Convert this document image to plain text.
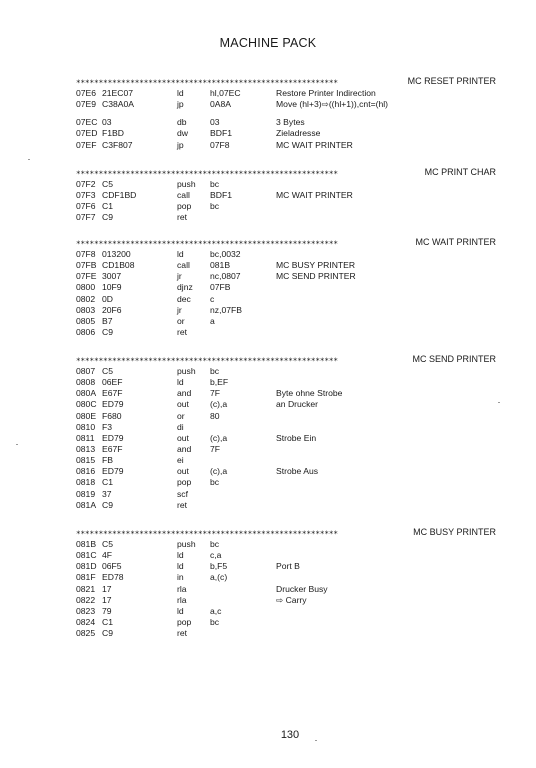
MACHINE PACK
∗∗∗∗∗∗∗∗∗∗∗∗∗∗∗∗∗∗∗∗∗∗∗∗∗∗∗∗∗∗∗∗∗∗∗∗∗∗∗∗∗∗∗∗∗∗∗∗∗∗∗∗∗∗∗∗∗∗	MC RESET PRINTER
07E6 21EC07	ld	hl,07EC	Restore Printer Indirection
07E9 C38A0A	jp	0A8A	Move (hl+3)⇨((hl+1)),cnt=(hl)
07EC 03	db	03	3 Bytes
07ED F1BD	dw	BDF1	Zieladresse
07EF C3F807	jp	07F8	MC WAIT PRINTER
∗∗∗∗∗∗∗∗∗∗∗∗∗∗∗∗∗∗∗∗∗∗∗∗∗∗∗∗∗∗∗∗∗∗∗∗∗∗∗∗∗∗∗∗∗∗∗∗∗∗∗∗∗∗∗∗∗∗	MC PRINT CHAR
07F2 C5	push bc
07F3 CDF1BD	call BDF1	MC WAIT PRINTER
07F6 C1	pop bc
07F7 C9	ret
∗∗∗∗∗∗∗∗∗∗∗∗∗∗∗∗∗∗∗∗∗∗∗∗∗∗∗∗∗∗∗∗∗∗∗∗∗∗∗∗∗∗∗∗∗∗∗∗∗∗∗∗∗∗∗∗∗∗	MC WAIT PRINTER
07F8 013200	ld	bc,0032
07FB CD1B08	call 081B	MC BUSY PRINTER
07FE 3007	jr	nc,0807	MC SEND PRINTER
0800 10F9	djnz 07FB
0802 0D	dec c
0803 20F6	jr	nz,07FB
0805 B7	or	a
0806 C9	ret
∗∗∗∗∗∗∗∗∗∗∗∗∗∗∗∗∗∗∗∗∗∗∗∗∗∗∗∗∗∗∗∗∗∗∗∗∗∗∗∗∗∗∗∗∗∗∗∗∗∗∗∗∗∗∗∗∗∗	MC SEND PRINTER
0807 C5	push bc
0808 06EF	ld	b,EF
080A E67F	and 7F	Byte ohne Strobe
080C ED79	out (c),a	an Drucker
080E F680	or	80
0810 F3	di
0811 ED79	out (c),a	Strobe Ein
0813 E67F	and 7F
0815 FB	ei
0816 ED79	out (c),a	Strobe Aus
0818 C1	pop bc
0819 37	scf
081A C9	ret
∗∗∗∗∗∗∗∗∗∗∗∗∗∗∗∗∗∗∗∗∗∗∗∗∗∗∗∗∗∗∗∗∗∗∗∗∗∗∗∗∗∗∗∗∗∗∗∗∗∗∗∗∗∗∗∗∗∗	MC BUSY PRINTER
081B C5	push bc
081C 4F	ld	c,a
081D 06F5	ld	b,F5	Port B
081F ED78	in	a,(c)
0821 17	rla	Drucker Busy
0822 17	rla	⇨ Carry
0823 79	ld	a,c
0824 C1	pop bc
0825 C9	ret
130
